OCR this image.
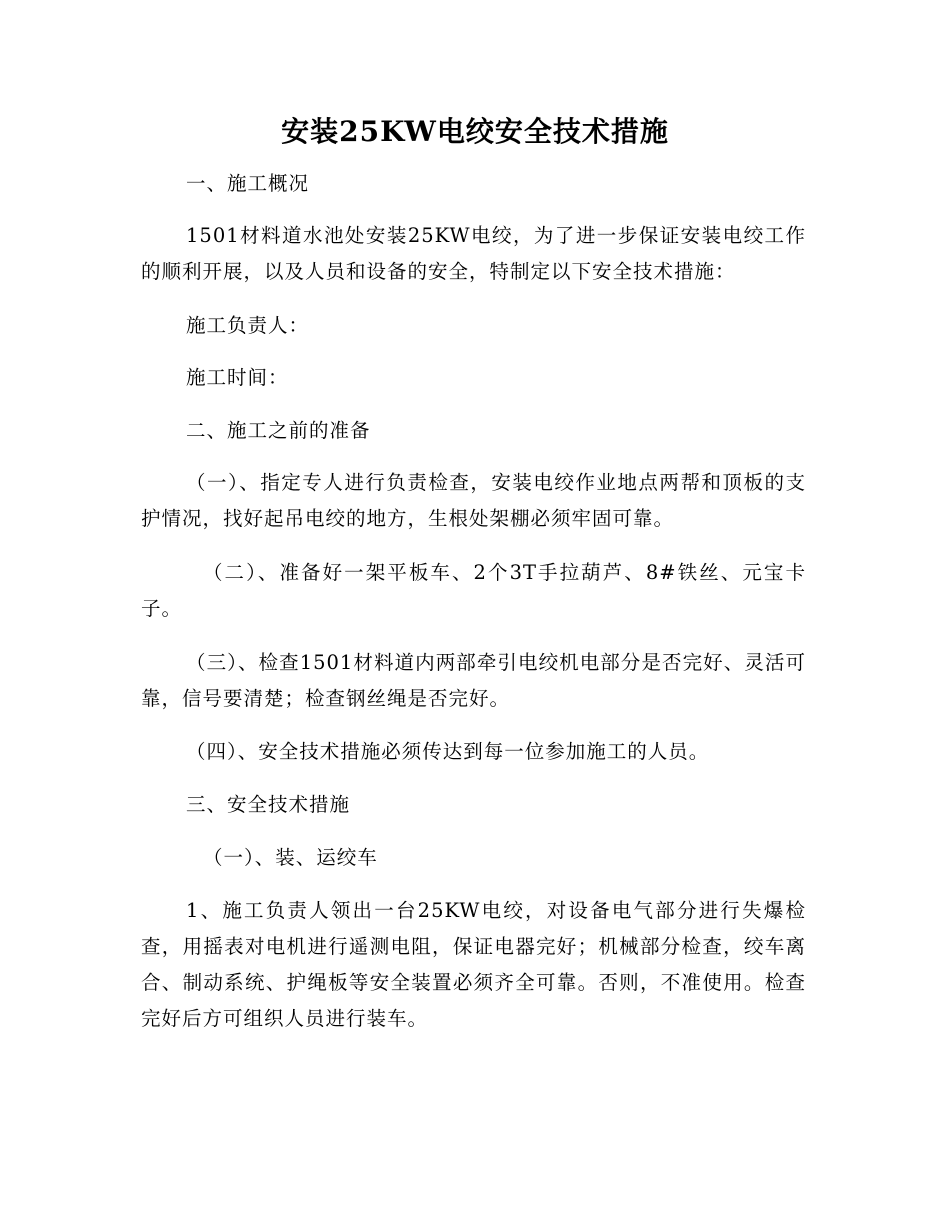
安装25KW电绞安全技术措施

一、施工概况

1501材料道水池处安装25KW电绞，为了进一步保证安装电绞工作的顺利开展，以及人员和设备的安全，特制定以下安全技术措施：

施工负责人：

施工时间：

二、施工之前的准备

（一）、指定专人进行负责检查，安装电绞作业地点两帮和顶板的支护情况，找好起吊电绞的地方，生根处架棚必须牢固可靠。

（二）、准备好一架平板车、2个3T手拉葫芦、8#铁丝、元宝卡子。

（三）、检查1501材料道内两部牵引电绞机电部分是否完好、灵活可靠，信号要清楚；检查钢丝绳是否完好。

（四）、安全技术措施必须传达到每一位参加施工的人员。

三、安全技术措施

（一）、装、运绞车

1、施工负责人领出一台25KW电绞，对设备电气部分进行失爆检查，用摇表对电机进行遥测电阻，保证电器完好；机械部分检查，绞车离合、制动系统、护绳板等安全装置必须齐全可靠。否则，不准使用。检查完好后方可组织人员进行装车。
